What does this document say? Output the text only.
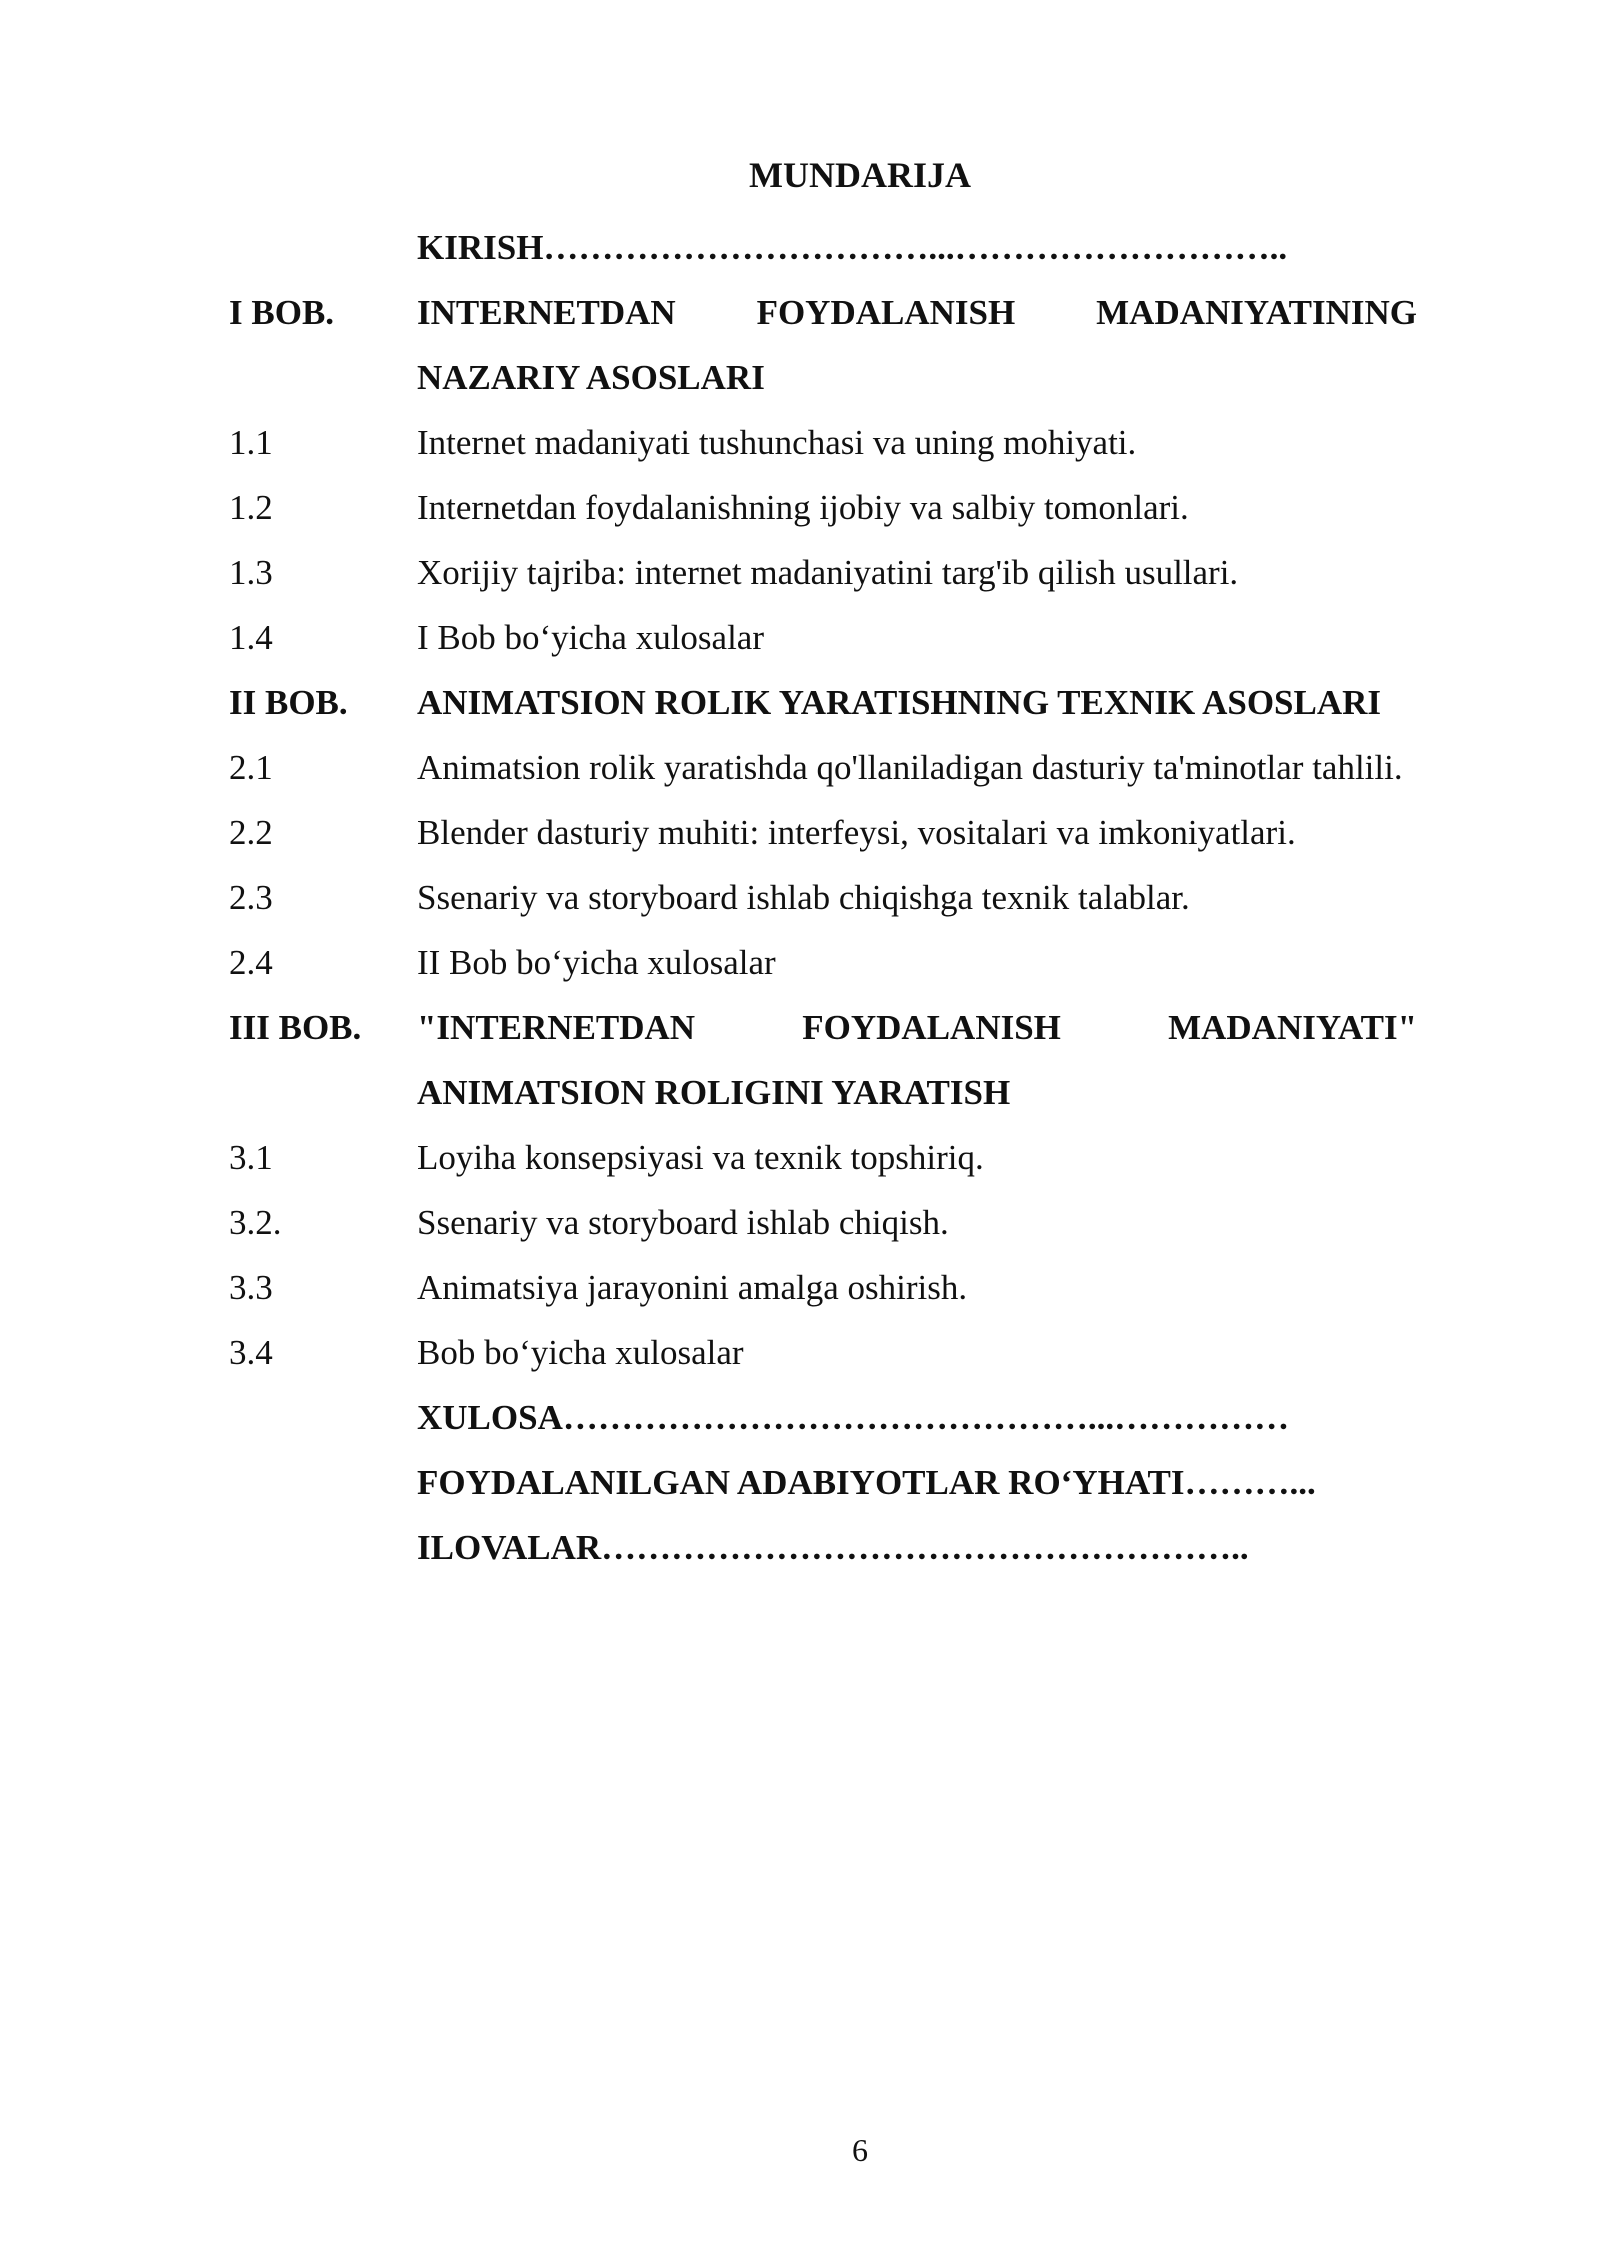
MUNDARIJA
KIRISH……………………………...………………………..
I BOB.	INTERNETDAN FOYDALANISH MADANIYATINING NAZARIY ASOSLARI
1.1	Internet madaniyati tushunchasi va uning mohiyati.
1.2	Internetdan foydalanishning ijobiy va salbiy tomonlari.
1.3	Xorijiy tajriba: internet madaniyatini targ'ib qilish usullari.
1.4	I Bob bo‘yicha xulosalar
II BOB.	ANIMATSION ROLIK YARATISHNING TEXNIK ASOSLARI
2.1	Animatsion rolik yaratishda qo'llaniladigan dasturiy ta'minotlar tahlili.
2.2	Blender dasturiy muhiti: interfeysi, vositalari va imkoniyatlari.
2.3	Ssenariy va storyboard ishlab chiqishga texnik talablar.
2.4	II Bob bo‘yicha xulosalar
III BOB.	"INTERNETDAN FOYDALANISH MADANIYATI" ANIMATSION ROLIGINI YARATISH
3.1	Loyiha konsepsiyasi va texnik topshiriq.
3.2.	Ssenariy va storyboard ishlab chiqish.
3.3	Animatsiya jarayonini amalga oshirish.
3.4	Bob bo‘yicha xulosalar
XULOSA………………………………………...……………
FOYDALANILGAN ADABIYOTLAR RO‘YHATI………...
ILOVALAR………………………………………………..
6
